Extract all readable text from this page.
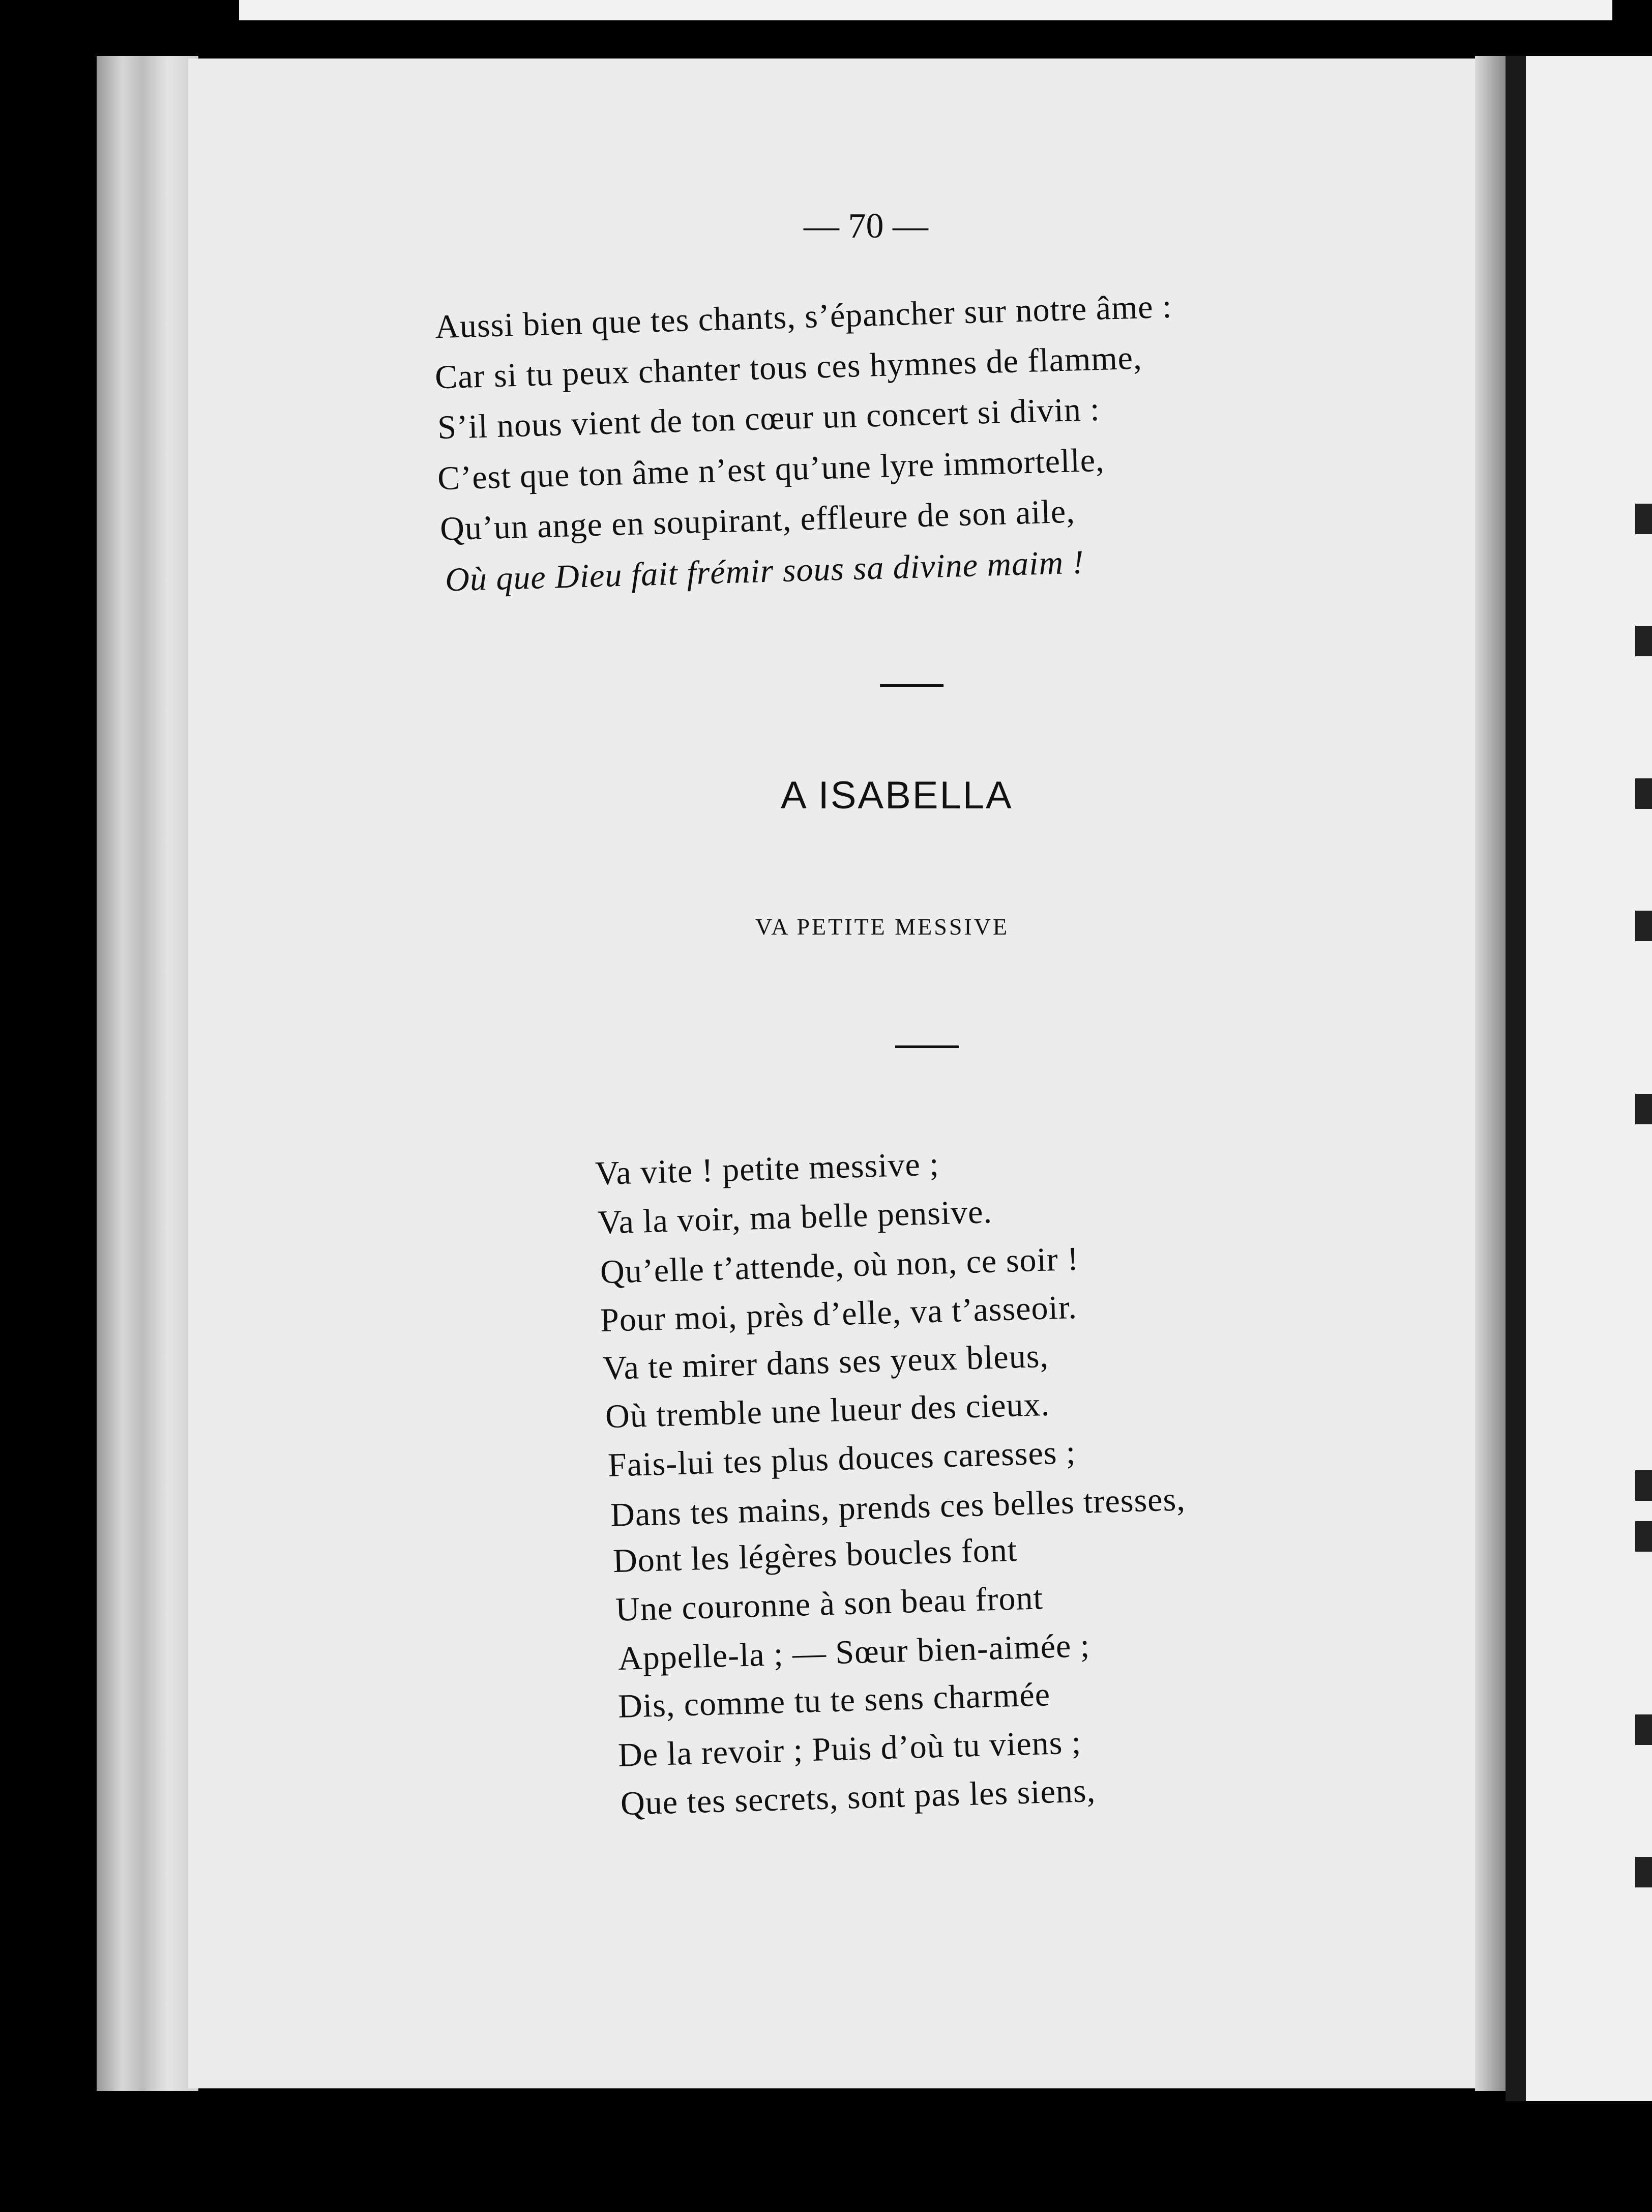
— 70 —
Aussi bien que tes chants, s’épancher sur notre âme :
Car si tu peux chanter tous ces hymnes de flamme,
S’il nous vient de ton cœur un concert si divin :
C’est que ton âme n’est qu’une lyre immortelle,
Qu’un ange en soupirant, effleure de son aile,
Où que Dieu fait frémir sous sa divine maim !
A ISABELLA
VA PETITE MESSIVE
Va vite ! petite messive ;
Va la voir, ma belle pensive.
Qu’elle t’attende, où non, ce soir !
Pour moi, près d’elle, va t’asseoir.
Va te mirer dans ses yeux bleus,
Où tremble une lueur des cieux.
Fais-lui tes plus douces caresses ;
Dans tes mains, prends ces belles tresses,
Dont les légères boucles font
Une couronne à son beau front
Appelle-la ; — Sœur bien-aimée ;
Dis, comme tu te sens charmée
De la revoir ; Puis d’où tu viens ;
Que tes secrets, sont pas les siens,
